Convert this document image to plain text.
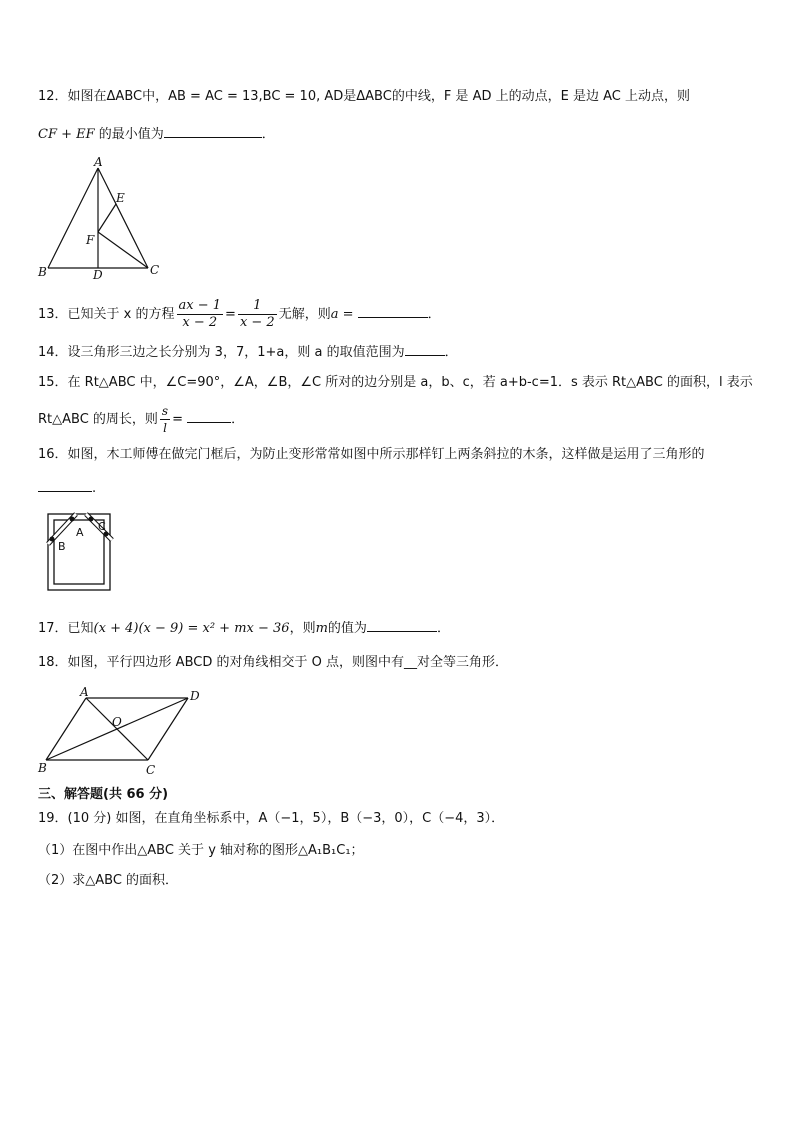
12．如图在ΔABC中，AB = AC = 13,BC = 10, AD是ΔABC的中线，F 是 AD 上的动点，E 是边 AC 上动点，则
CF + EF 的最小值为	．
A
B	C
D
E
F
13．已知关于 x 的方程 $\frac{ax - 1}{x - 2} = \frac{1}{x - 2}$ 无解，则a =	．
14．设三角形三边之长分别为 3，7，1+a，则 a 的取值范围为	．
15．在 Rt△ABC 中，∠C=90°，∠A，∠B，∠C 所对的边分别是 a，b、c，若 a+b-c=1．s 表示 Rt△ABC 的面积，l 表示
Rt△ABC 的周长，则 $\frac{s}{l}$ =	．
16．如图，木工师傅在做完门框后，为防止变形常常如图中所示那样钉上两条斜拉的木条，这样做是运用了三角形的
.
A
B
C
17．已知(x + 4)(x − 9) = x² + mx − 36，则m的值为	．
18．如图，平行四边形 ABCD 的对角线相交于 O 点，则图中有__对全等三角形．
A	D
B	C
O
三、解答题(共 66 分)
19．(10 分) 如图，在直角坐标系中，A（−1，5），B（−3，0），C（−4，3）．
（1）在图中作出△ABC 关于 y 轴对称的图形△A₁B₁C₁；
（2）求△ABC 的面积．
